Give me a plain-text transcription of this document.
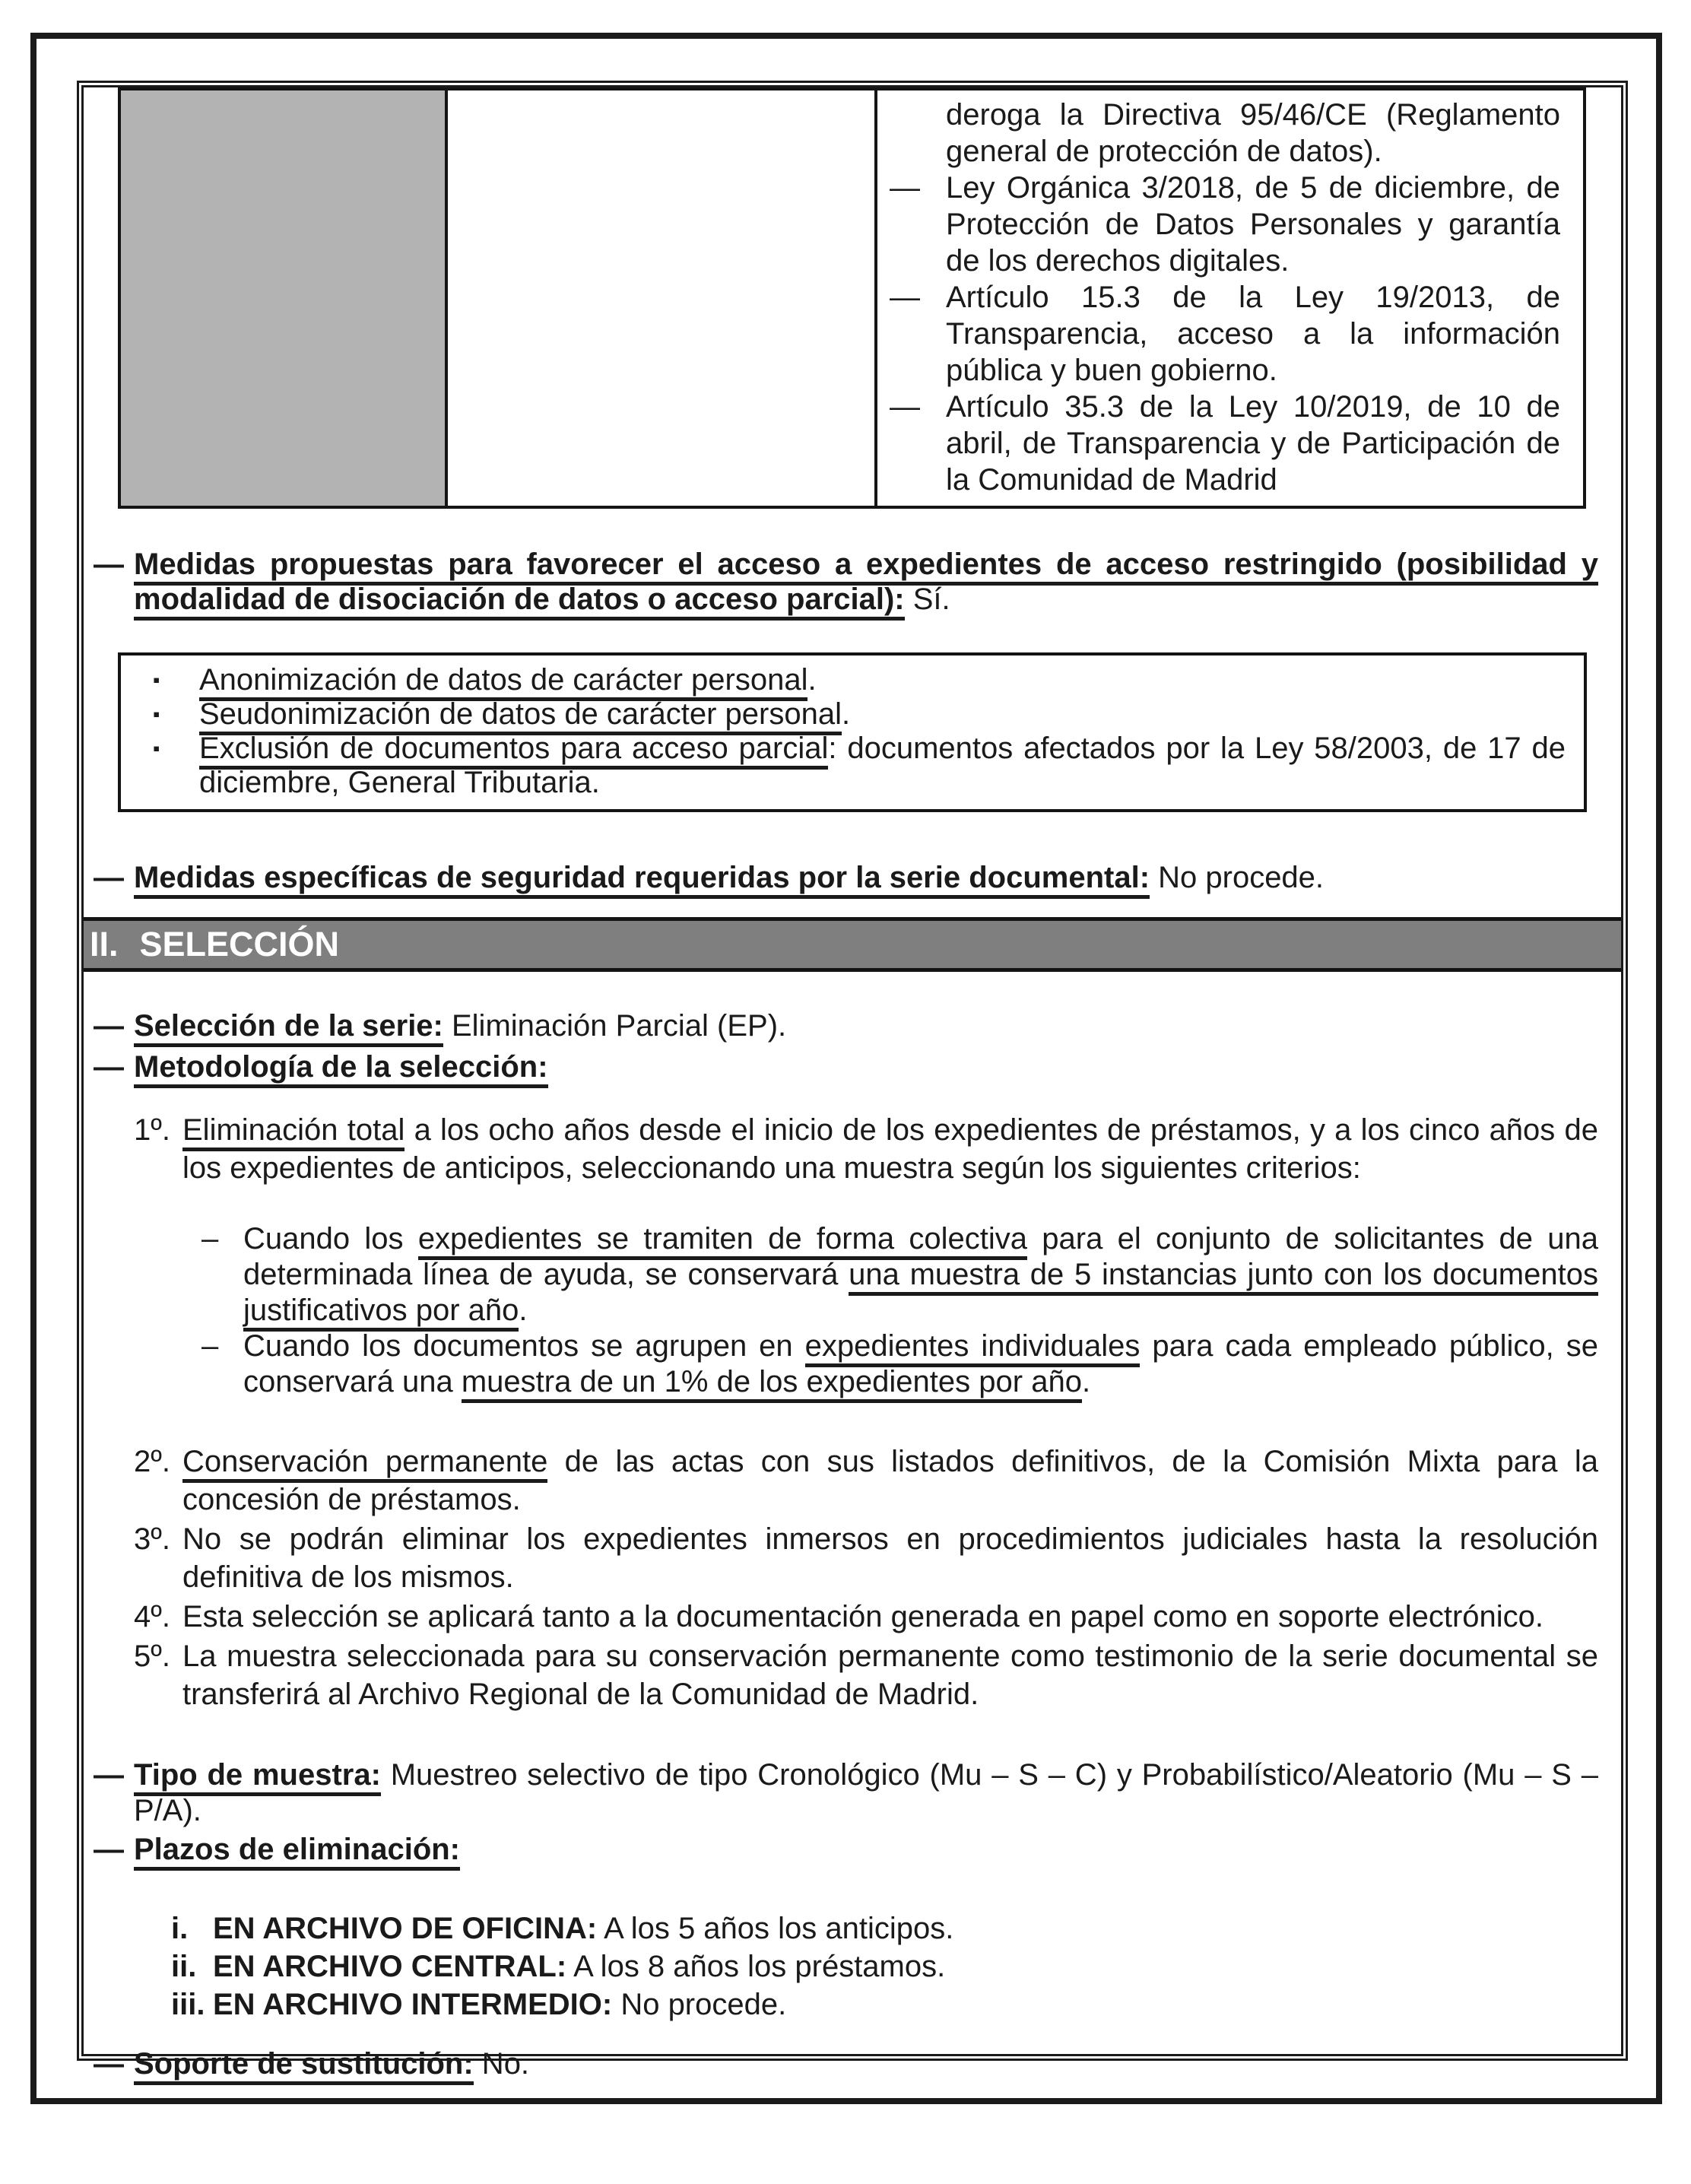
deroga la Directiva 95/46/CE (Reglamento general de protección de datos).
— Ley Orgánica 3/2018, de 5 de diciembre, de Protección de Datos Personales y garantía de los derechos digitales.
— Artículo 15.3 de la Ley 19/2013, de Transparencia, acceso a la información pública y buen gobierno.
— Artículo 35.3 de la Ley 10/2019, de 10 de abril, de Transparencia y de Participación de la Comunidad de Madrid
— Medidas propuestas para favorecer el acceso a expedientes de acceso restringido (posibilidad y modalidad de disociación de datos o acceso parcial): Sí.
▪	Anonimización de datos de carácter personal.
▪	Seudonimización de datos de carácter personal.
▪	Exclusión de documentos para acceso parcial: documentos afectados por la Ley 58/2003, de 17 de diciembre, General Tributaria.
— Medidas específicas de seguridad requeridas por la serie documental: No procede.
II. SELECCIÓN
— Selección de la serie: Eliminación Parcial (EP).
— Metodología de la selección:
1º. Eliminación total a los ocho años desde el inicio de los expedientes de préstamos, y a los cinco años de los expedientes de anticipos, seleccionando una muestra según los siguientes criterios:
– Cuando los expedientes se tramiten de forma colectiva para el conjunto de solicitantes de una determinada línea de ayuda, se conservará una muestra de 5 instancias junto con los documentos justificativos por año.
– Cuando los documentos se agrupen en expedientes individuales para cada empleado público, se conservará una muestra de un 1% de los expedientes por año.
2º. Conservación permanente de las actas con sus listados definitivos, de la Comisión Mixta para la concesión de préstamos.
3º. No se podrán eliminar los expedientes inmersos en procedimientos judiciales hasta la resolución definitiva de los mismos.
4º. Esta selección se aplicará tanto a la documentación generada en papel como en soporte electrónico.
5º. La muestra seleccionada para su conservación permanente como testimonio de la serie documental se transferirá al Archivo Regional de la Comunidad de Madrid.
— Tipo de muestra: Muestreo selectivo de tipo Cronológico (Mu – S – C) y Probabilístico/Aleatorio (Mu – S – P/A).
— Plazos de eliminación:
i. EN ARCHIVO DE OFICINA: A los 5 años los anticipos.
ii. EN ARCHIVO CENTRAL: A los 8 años los préstamos.
iii. EN ARCHIVO INTERMEDIO: No procede.
— Soporte de sustitución: No.
